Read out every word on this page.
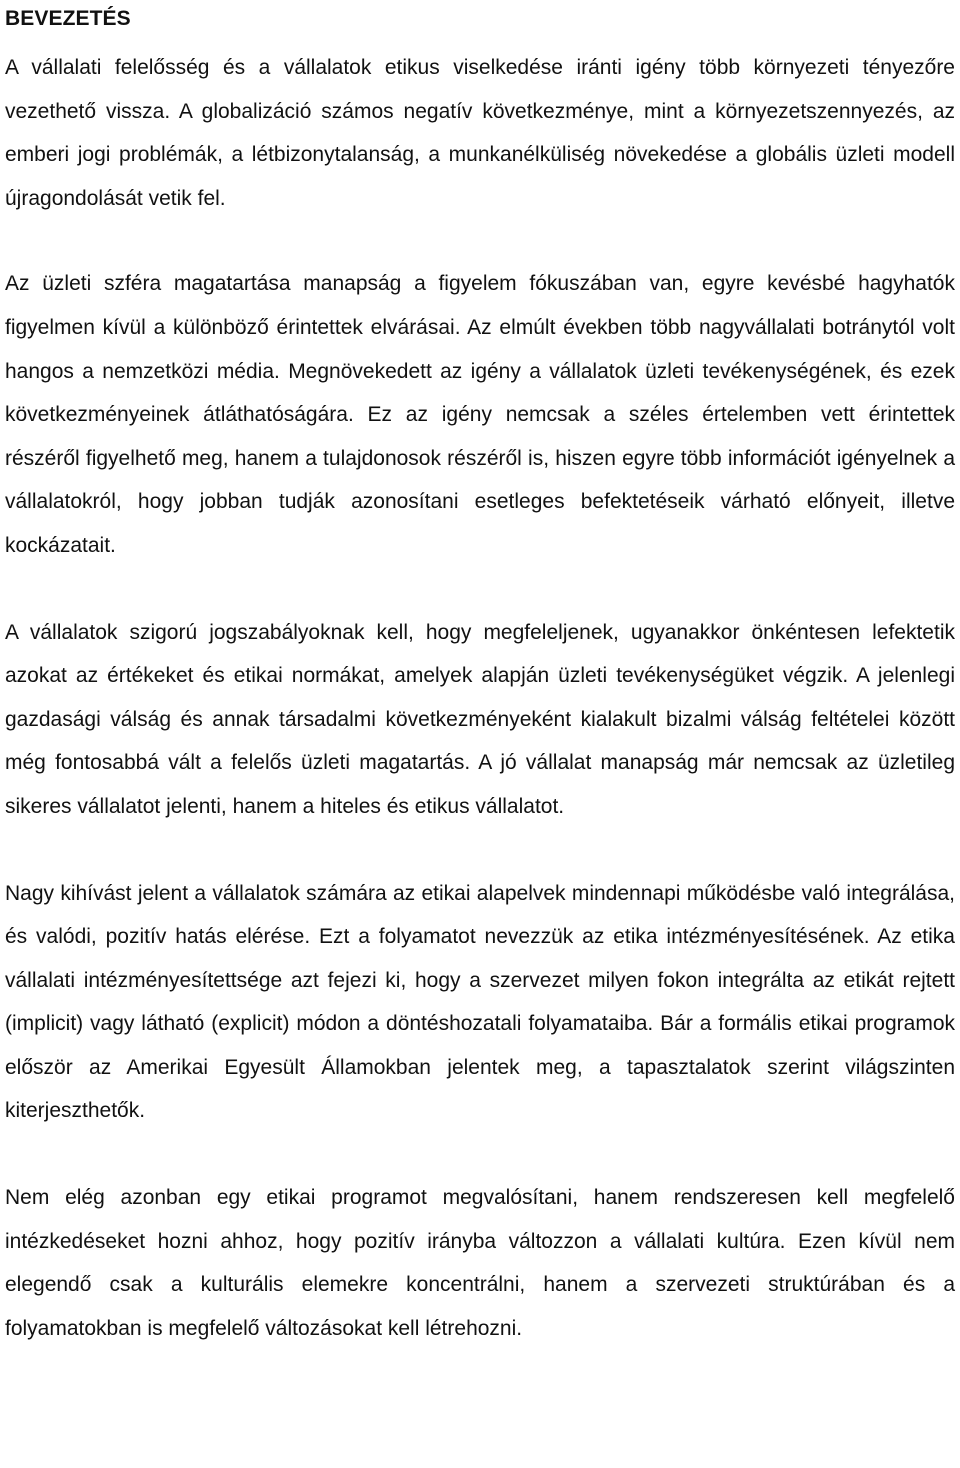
BEVEZETÉS

A vállalati felelősség és a vállalatok etikus viselkedése iránti igény több környezeti tényezőre vezethető vissza. A globalizáció számos negatív következménye, mint a környezetszennyezés, az emberi jogi problémák, a létbizonytalanság, a munkanélküliség növekedése a globális üzleti modell újragondolását vetik fel.

Az üzleti szféra magatartása manapság a figyelem fókuszában van, egyre kevésbé hagyhatók figyelmen kívül a különböző érintettek elvárásai. Az elmúlt években több nagyvállalati botránytól volt hangos a nemzetközi média. Megnövekedett az igény a vállalatok üzleti tevékenységének, és ezek következményeinek átláthatóságára. Ez az igény nemcsak a széles értelemben vett érintettek részéről figyelhető meg, hanem a tulajdonosok részéről is, hiszen egyre több információt igényelnek a vállalatokról, hogy jobban tudják azonosítani esetleges befektetéseik várható előnyeit, illetve kockázatait.

A vállalatok szigorú jogszabályoknak kell, hogy megfeleljenek, ugyanakkor önkéntesen lefektetik azokat az értékeket és etikai normákat, amelyek alapján üzleti tevékenységüket végzik. A jelenlegi gazdasági válság és annak társadalmi következményeként kialakult bizalmi válság feltételei között még fontosabbá vált a felelős üzleti magatartás. A jó vállalat manapság már nemcsak az üzletileg sikeres vállalatot jelenti, hanem a hiteles és etikus vállalatot.

Nagy kihívást jelent a vállalatok számára az etikai alapelvek mindennapi működésbe való integrálása, és valódi, pozitív hatás elérése. Ezt a folyamatot nevezzük az etika intézményesítésének. Az etika vállalati intézményesítettsége azt fejezi ki, hogy a szervezet milyen fokon integrálta az etikát rejtett (implicit) vagy látható (explicit) módon a döntéshozatali folyamataiba. Bár a formális etikai programok először az Amerikai Egyesült Államokban jelentek meg, a tapasztalatok szerint világszinten kiterjeszthetők.

Nem elég azonban egy etikai programot megvalósítani, hanem rendszeresen kell megfelelő intézkedéseket hozni ahhoz, hogy pozitív irányba változzon a vállalati kultúra. Ezen kívül nem elegendő csak a kulturális elemekre koncentrálni, hanem a szervezeti struktúrában és a folyamatokban is megfelelő változásokat kell létrehozni.
